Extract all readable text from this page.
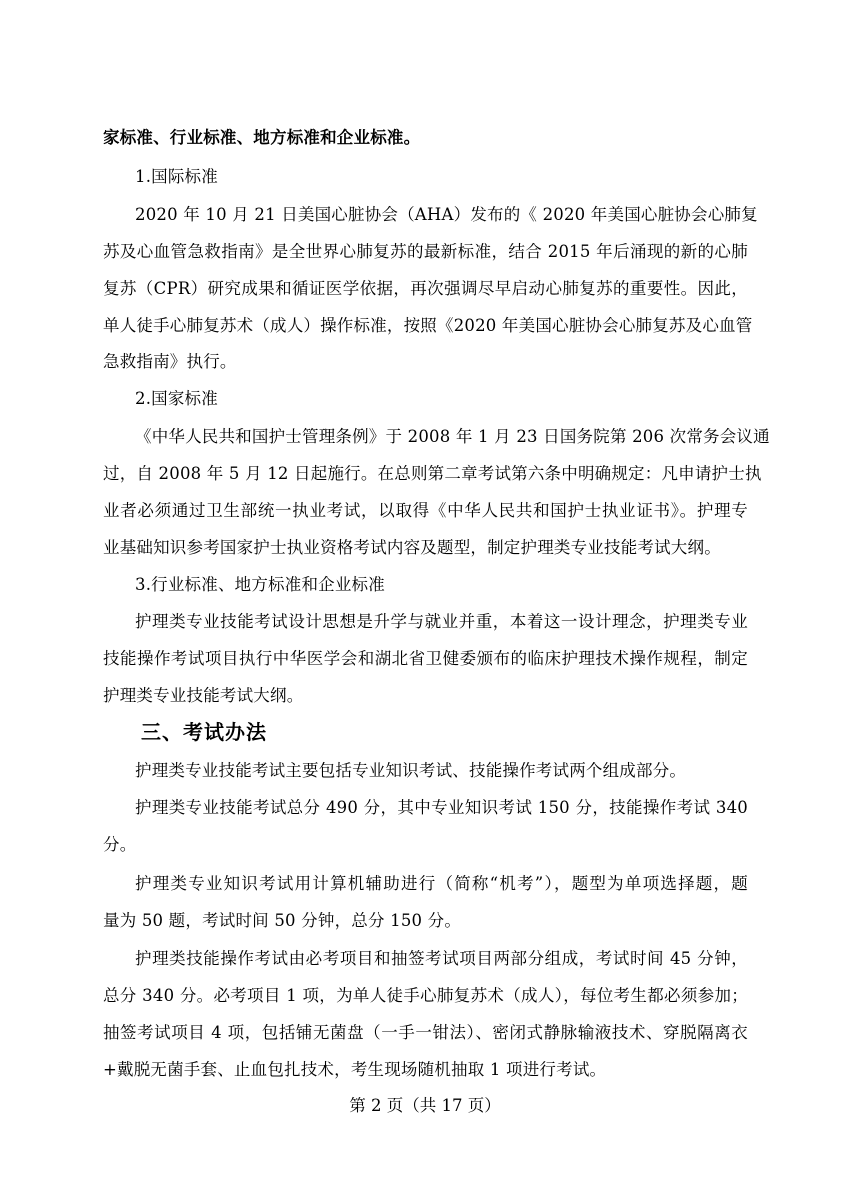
家标准、行业标准、地方标准和企业标准。
1.国际标准
2020 年 10 月 21 日美国心脏协会（AHA）发布的《 2020 年美国心脏协会心肺复
苏及心血管急救指南》是全世界心肺复苏的最新标准，结合 2015 年后涌现的新的心肺
复苏（CPR）研究成果和循证医学依据，再次强调尽早启动心肺复苏的重要性。因此，
单人徒手心肺复苏术（成人）操作标准，按照《2020 年美国心脏协会心肺复苏及心血管
急救指南》执行。
2.国家标准
《中华人民共和国护士管理条例》于 2008 年 1 月 23 日国务院第 206 次常务会议通
过，自 2008 年 5 月 12 日起施行。在总则第二章考试第六条中明确规定：凡申请护士执
业者必须通过卫生部统一执业考试，以取得《中华人民共和国护士执业证书》。护理专
业基础知识参考国家护士执业资格考试内容及题型，制定护理类专业技能考试大纲。
3.行业标准、地方标准和企业标准
护理类专业技能考试设计思想是升学与就业并重，本着这一设计理念，护理类专业
技能操作考试项目执行中华医学会和湖北省卫健委颁布的临床护理技术操作规程，制定
护理类专业技能考试大纲。
三、考试办法
护理类专业技能考试主要包括专业知识考试、技能操作考试两个组成部分。
护理类专业技能考试总分 490 分，其中专业知识考试 150 分，技能操作考试 340
分。
护理类专业知识考试用计算机辅助进行（简称“机考”），题型为单项选择题，题
量为 50 题，考试时间 50 分钟，总分 150 分。
护理类技能操作考试由必考项目和抽签考试项目两部分组成，考试时间 45 分钟，
总分 340 分。必考项目 1 项，为单人徒手心肺复苏术（成人），每位考生都必须参加；
抽签考试项目 4 项，包括铺无菌盘（一手一钳法）、密闭式静脉输液技术、穿脱隔离衣
+戴脱无菌手套、止血包扎技术，考生现场随机抽取 1 项进行考试。
第 2 页（共 17 页）
